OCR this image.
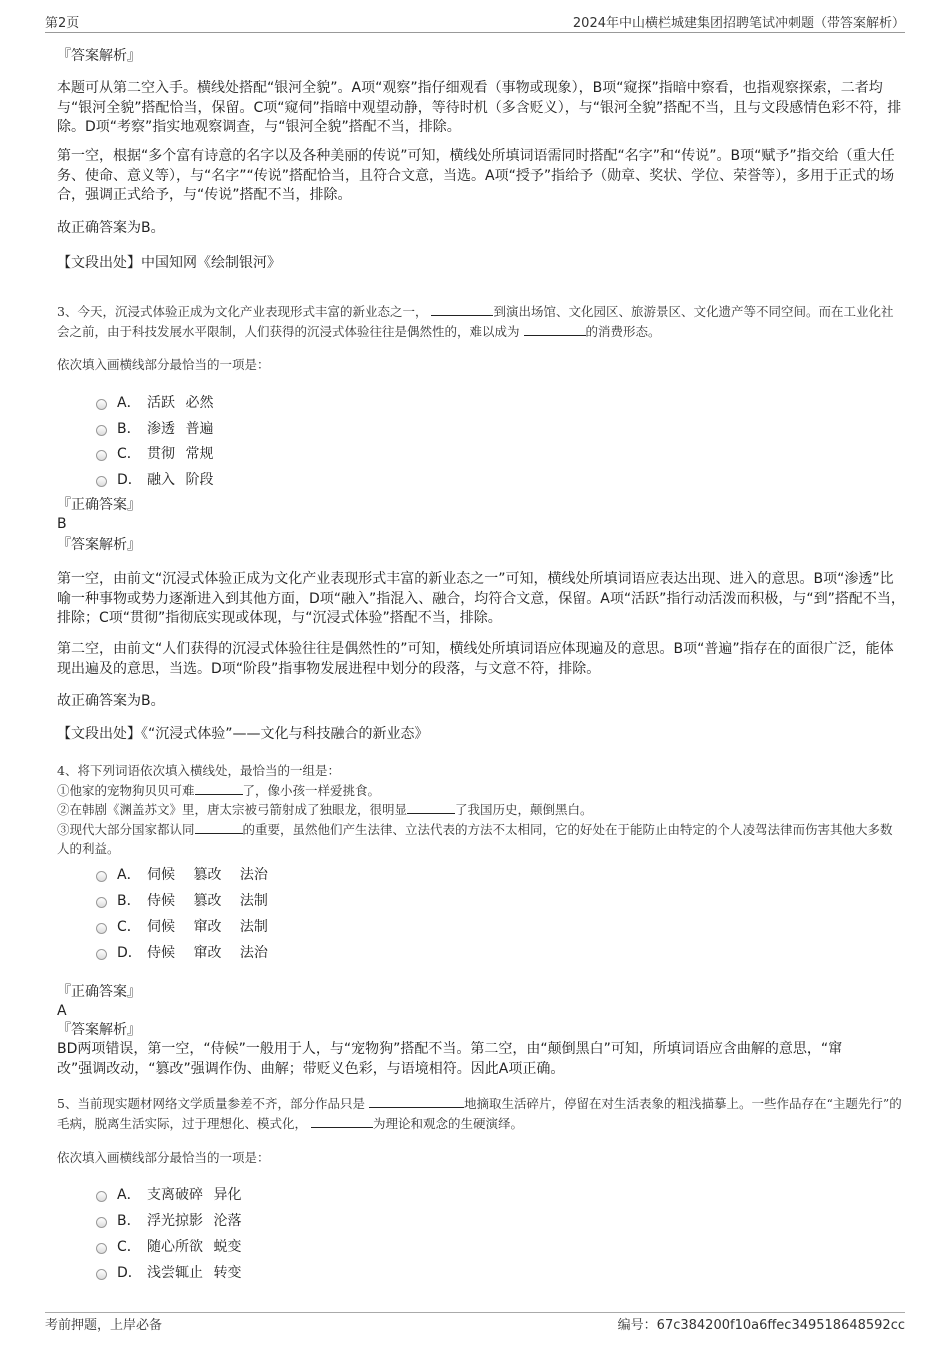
第2页	2024年中山横栏城建集团招聘笔试冲刺题（带答案解析）
『答案解析』

本题可从第二空入手。横线处搭配“银河全貌”。A项“观察”指仔细观看（事物或现象），B项“窥探”指暗中察看，也指观察探索，二者均与“银河全貌”搭配恰当，保留。C项“窥伺”指暗中观望动静，等待时机（多含贬义），与“银河全貌”搭配不当，且与文段感情色彩不符，排除。D项“考察”指实地观察调查，与“银河全貌”搭配不当，排除。

第一空，根据“多个富有诗意的名字以及各种美丽的传说”可知，横线处所填词语需同时搭配“名字”和“传说”。B项“赋予”指交给（重大任务、使命、意义等），与“名字”“传说”搭配恰当，且符合文意，当选。A项“授予”指给予（勋章、奖状、学位、荣誉等），多用于正式的场合，强调正式给予，与“传说”搭配不当，排除。

故正确答案为B。
【文段出处】中国知网《绘制银河》

3、今天，沉浸式体验正成为文化产业表现形式丰富的新业态之一，	到演出场馆、文化园区、旅游景区、文化遗产等不同空间。而在工业化社会之前，由于科技发展水平限制，人们获得的沉浸式体验往往是偶然性的，难以成为	的消费形态。

依次填入画横线部分最恰当的一项是：
A． 活跃 必然
B． 渗透 普遍
C． 贯彻 常规
D． 融入 阶段
『正确答案』
B
『答案解析』

第一空，由前文“沉浸式体验正成为文化产业表现形式丰富的新业态之一”可知，横线处所填词语应表达出现、进入的意思。B项“渗透”比喻一种事物或势力逐渐进入到其他方面，D项“融入”指混入、融合，均符合文意，保留。A项“活跃”指行动活泼而积极，与“到”搭配不当，排除；C项“贯彻”指彻底实现或体现，与“沉浸式体验”搭配不当，排除。

第二空，由前文“人们获得的沉浸式体验往往是偶然性的”可知，横线处所填词语应体现遍及的意思。B项“普遍”指存在的面很广泛，能体现出遍及的意思，当选。D项“阶段”指事物发展进程中划分的段落，与文意不符，排除。

故正确答案为B。
【文段出处】《“沉浸式体验”——文化与科技融合的新业态》
4、将下列词语依次填入横线处，最恰当的一组是：
①他家的宠物狗贝贝可难	了，像小孩一样爱挑食。
②在韩剧《渊盖苏文》里，唐太宗被弓箭射成了独眼龙，很明显	了我国历史，颠倒黑白。
③现代大部分国家都认同	的重要，虽然他们产生法律、立法代表的方法不太相同，它的好处在于能防止由特定的个人凌驾法律而伤害其他大多数人的利益。
A． 伺候 篡改 法治
B． 侍候 篡改 法制
C． 伺候 窜改 法制
D． 侍候 窜改 法治
『正确答案』
A
『答案解析』

BD两项错误，第一空，“侍候”一般用于人，与“宠物狗”搭配不当。第二空，由“颠倒黑白”可知，所填词语应含曲解的意思，“窜改”强调改动，“篡改”强调作伪、曲解；带贬义色彩，与语境相符。因此A项正确。

5、当前现实题材网络文学质量参差不齐，部分作品只是	地摘取生活碎片，停留在对生活表象的粗浅描摹上。一些作品存在“主题先行”的毛病，脱离生活实际，过于理想化、模式化，	为理论和观念的生硬演绎。

依次填入画横线部分最恰当的一项是：
A． 支离破碎 异化
B． 浮光掠影 沦落
C． 随心所欲 蜕变
D． 浅尝辄止 转变
考前押题，上岸必备	编号：67c384200f10a6ffec349518648592cc
